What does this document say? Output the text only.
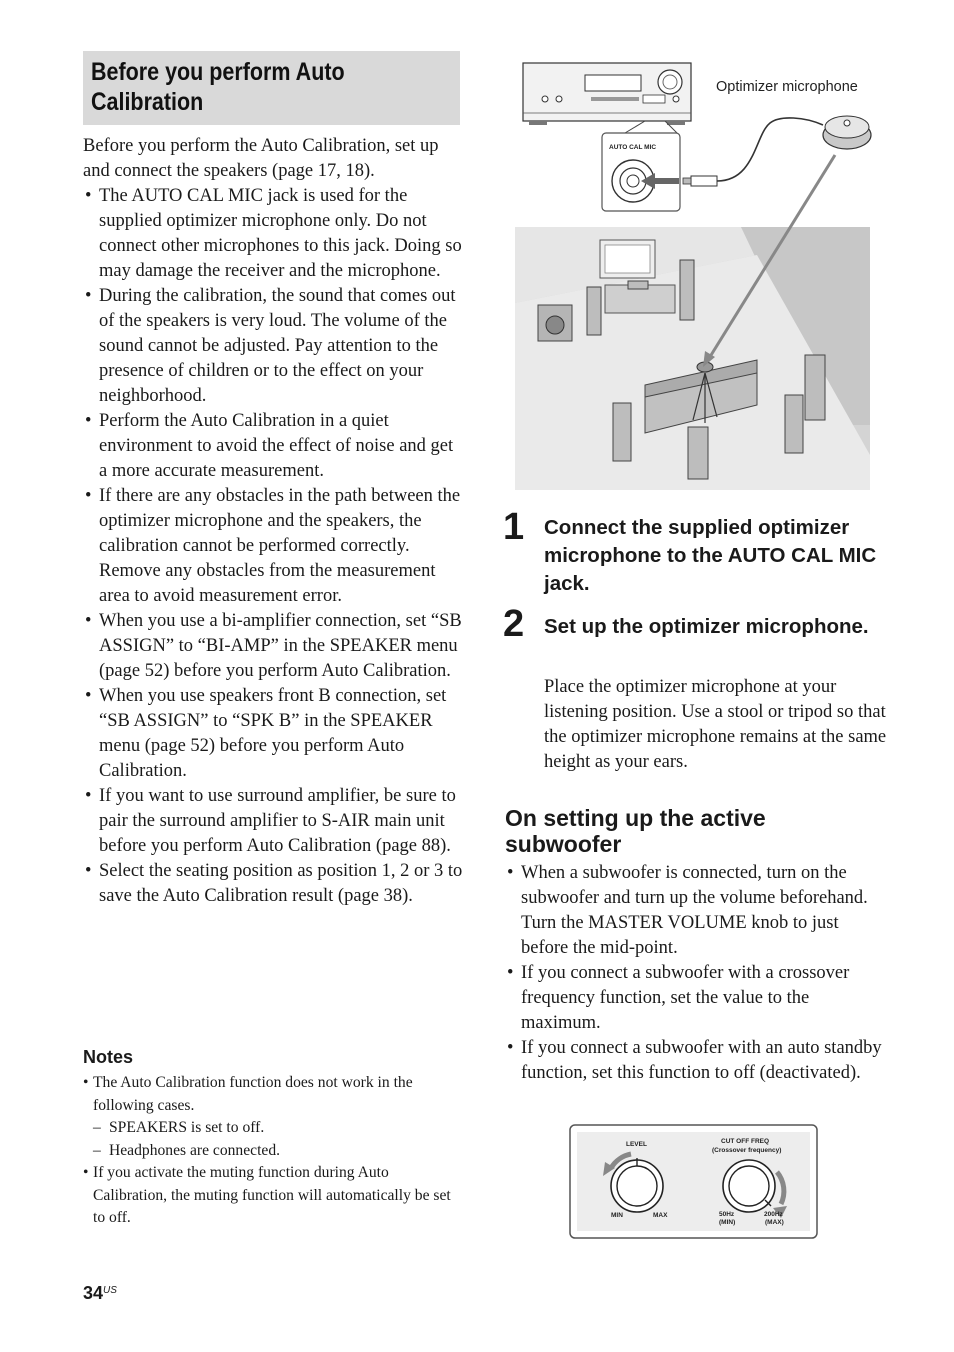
Before you perform Auto Calibration
Before you perform the Auto Calibration, set up and connect the speakers (page 17, 18).
• The AUTO CAL MIC jack is used for the supplied optimizer microphone only. Do not connect other microphones to this jack. Doing so may damage the receiver and the microphone.
• During the calibration, the sound that comes out of the speakers is very loud. The volume of the sound cannot be adjusted. Pay attention to the presence of children or to the effect on your neighborhood.
• Perform the Auto Calibration in a quiet environment to avoid the effect of noise and get a more accurate measurement.
• If there are any obstacles in the path between the optimizer microphone and the speakers, the calibration cannot be performed correctly. Remove any obstacles from the measurement area to avoid measurement error.
• When you use a bi-amplifier connection, set “SB ASSIGN” to “BI-AMP” in the SPEAKER menu (page 52) before you perform Auto Calibration.
• When you use speakers front B connection, set “SB ASSIGN” to “SPK B” in the SPEAKER menu (page 52) before you perform Auto Calibration.
• If you want to use surround amplifier, be sure to pair the surround amplifier to S-AIR main unit before you perform Auto Calibration (page 88).
• Select the seating position as position 1, 2 or 3 to save the Auto Calibration result (page 38).
Notes
• The Auto Calibration function does not work in the following cases.
– SPEAKERS is set to off.
– Headphones are connected.
• If you activate the muting function during Auto Calibration, the muting function will automatically be set to off.
$34^{US}$
AUTO CAL MIC
Optimizer microphone
1 Connect the supplied optimizer microphone to the AUTO CAL MIC jack.
2 Set up the optimizer microphone.
Place the optimizer microphone at your listening position. Use a stool or tripod so that the optimizer microphone remains at the same height as your ears.
On setting up the active subwoofer
• When a subwoofer is connected, turn on the subwoofer and turn up the volume beforehand. Turn the MASTER VOLUME knob to just before the mid-point.
• If you connect a subwoofer with a crossover frequency function, set the value to the maximum.
• If you connect a subwoofer with an auto standby function, set this function to off (deactivated).
LEVEL
MIN	MAX
CUT OFF FREQ
(Crossover frequency)
50Hz
(MIN)
200Hz
(MAX)
